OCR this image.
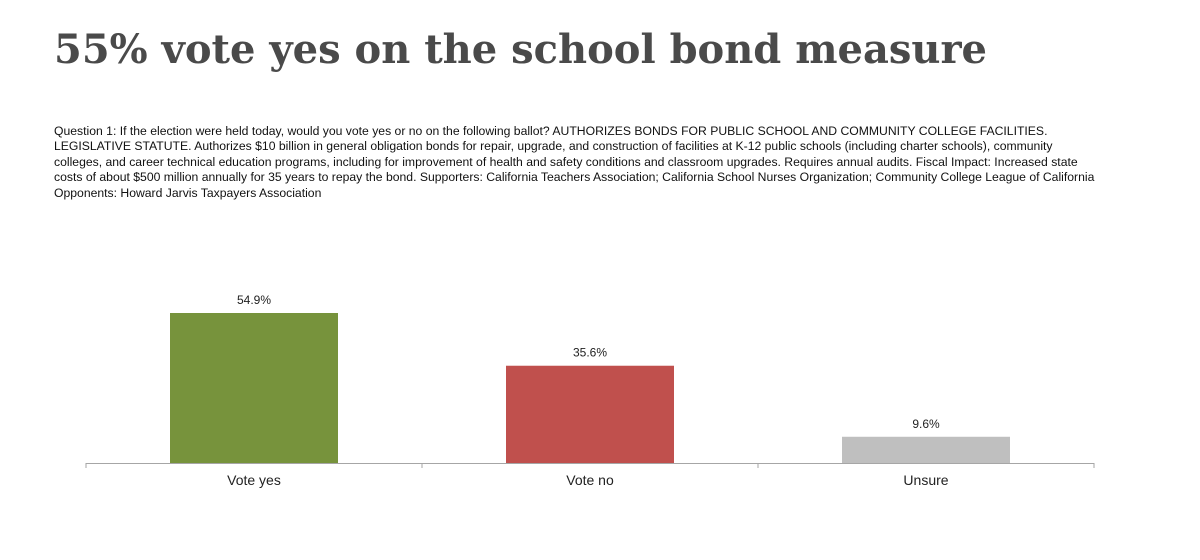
55% vote yes on the school bond measure

Question 1: If the election were held today, would you vote yes or no on the following ballot? AUTHORIZES BONDS FOR PUBLIC SCHOOL AND COMMUNITY COLLEGE FACILITIES. LEGISLATIVE STATUTE. Authorizes $10 billion in general obligation bonds for repair, upgrade, and construction of facilities at K-12 public schools (including charter schools), community colleges, and career technical education programs, including for improvement of health and safety conditions and classroom upgrades. Requires annual audits. Fiscal Impact: Increased state costs of about $500 million annually for 35 years to repay the bond. Supporters: California Teachers Association; California School Nurses Organization; Community College League of California Opponents: Howard Jarvis Taxpayers Association

54.9%
Vote yes
35.6%
Vote no
9.6%
Unsure
